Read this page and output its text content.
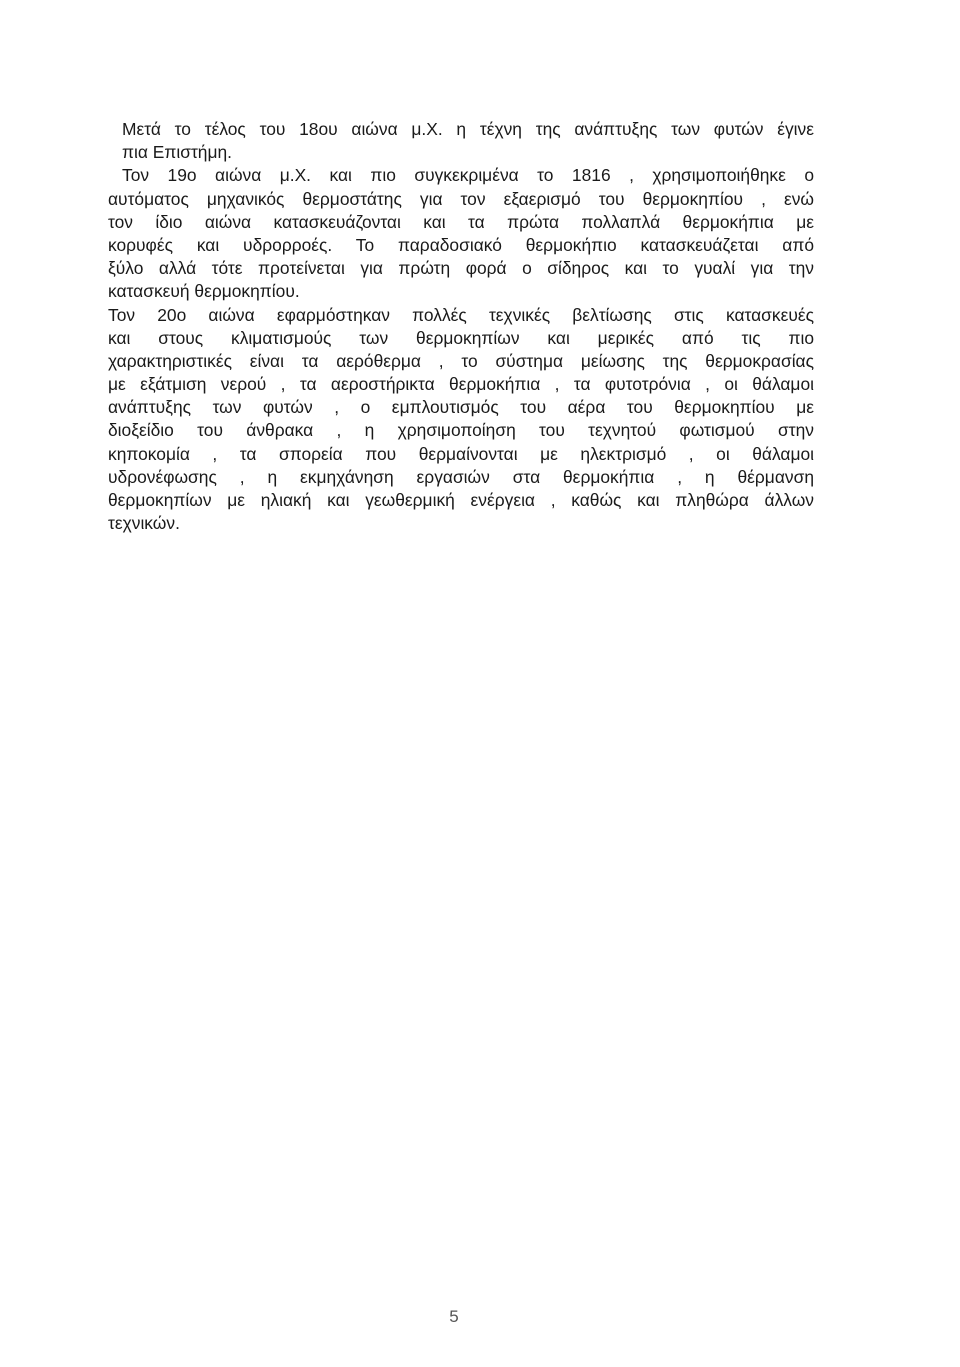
Μετά το τέλος του 18ου αιώνα μ.Χ. η τέχνη της ανάπτυξης των φυτών έγινε
πια Επιστήμη.
Τον 19ο αιώνα μ.Χ. και πιο συγκεκριμένα το 1816 , χρησιμοποιήθηκε ο
αυτόματος μηχανικός θερμοστάτης για τον εξαερισμό του θερμοκηπίου , ενώ
τον ίδιο αιώνα κατασκευάζονται και τα πρώτα πολλαπλά θερμοκήπια με
κορυφές και υδρορροές. Το παραδοσιακό θερμοκήπιο κατασκευάζεται από
ξύλο αλλά τότε προτείνεται για πρώτη φορά ο σίδηρος και το γυαλί για την
κατασκευή θερμοκηπίου.
Τον 20ο αιώνα εφαρμόστηκαν πολλές τεχνικές βελτίωσης στις κατασκευές
και στους κλιματισμούς των θερμοκηπίων και μερικές από τις πιο
χαρακτηριστικές είναι τα αερόθερμα , το σύστημα μείωσης της θερμοκρασίας
με εξάτμιση νερού , τα αεροστήρικτα θερμοκήπια , τα φυτοτρόνια , οι θάλαμοι
ανάπτυξης των φυτών , ο εμπλουτισμός του αέρα του θερμοκηπίου με
διοξείδιο του άνθρακα , η χρησιμοποίηση του τεχνητού φωτισμού στην
κηποκομία , τα σπορεία που θερμαίνονται με ηλεκτρισμό , οι θάλαμοι
υδρονέφωσης , η εκμηχάνηση εργασιών στα θερμοκήπια , η θέρμανση
θερμοκηπίων με ηλιακή και γεωθερμική ενέργεια , καθώς και πληθώρα άλλων
τεχνικών.
5
